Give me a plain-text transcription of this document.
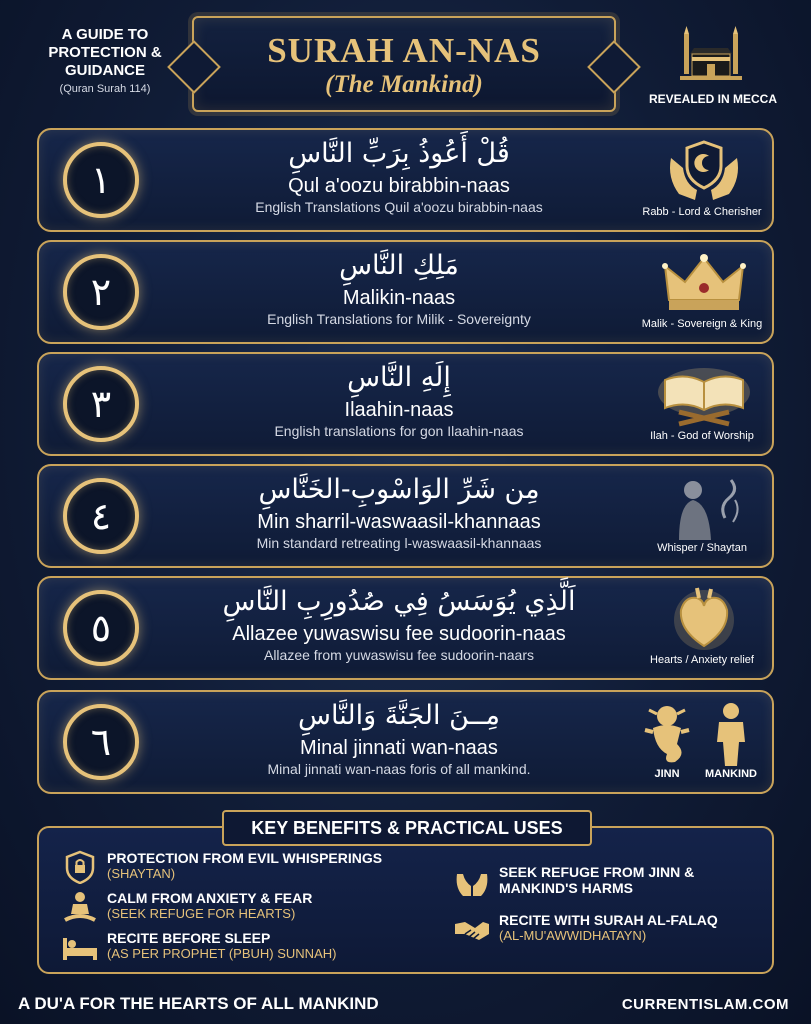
A GUIDE TO
PROTECTION &
GUIDANCE
(Quran Surah 114)
SURAH AN-NAS
(The Mankind)
REVEALED IN MECCA
١
قُلْ أَعُوذُ بِرَبِّ النَّاسِ
Qul a'oozu birabbin-naas
English Translations Quil a'oozu birabbin-naas	Rabb - Lord & Cherisher
٢
مَلِكِ النَّاسِ
Malikin-naas
English Translations for Milik - Sovereignty	Malik - Sovereign & King
٣
إِلَهِ النَّاسِ
Ilaahin-naas
English translations for gon Ilaahin-naas	Ilah - God of Worship
٤
مِن شَرِّ الوَاسْوبِ-الخَنَّاسِ
Min sharril-waswaasil-khannaas
Min standard retreating l-waswaasil-khannaas	Whisper / Shaytan
٥
اَلَّذِي يُوَسَسُ فِي صُدُورِبِ النَّاسِ
Allazee yuwaswisu fee sudoorin-naas
Allazee from yuwaswisu fee sudoorin-naars	Hearts / Anxiety relief
٦
مِــنَ الجَنَّةَ وَالنَّاسِ
Minal jinnati wan-naas
Minal jinnati wan-naas foris of all mankind.	JINN	MANKIND
KEY BENEFITS & PRACTICAL USES
PROTECTION FROM EVIL WHISPERINGS
(SHAYTAN)
CALM FROM ANXIETY & FEAR
(SEEK REFUGE FOR HEARTS)
RECITE BEFORE SLEEP
(AS PER PROPHET (PBUH) SUNNAH)
SEEK REFUGE FROM JINN &
MANKIND'S HARMS
RECITE WITH SURAH AL-FALAQ
(AL-MU'AWWIDHATAYN)
A DU'A FOR THE HEARTS OF ALL MANKIND	CURRENTISLAM.COM
